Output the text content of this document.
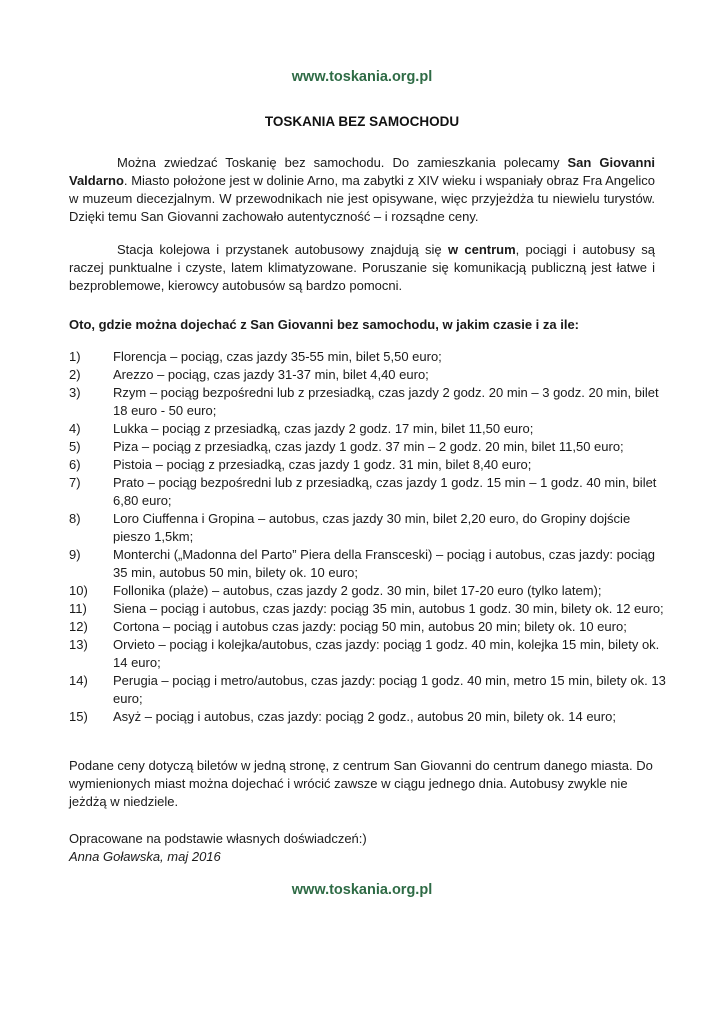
www.toskania.org.pl
TOSKANIA BEZ SAMOCHODU
Można zwiedzać Toskanię bez samochodu. Do zamieszkania polecamy San Giovanni Valdarno. Miasto położone jest w dolinie Arno, ma zabytki z XIV wieku i wspaniały obraz Fra Angelico w muzeum diecezjalnym. W przewodnikach nie jest opisywane, więc przyjeżdża tu niewielu turystów. Dzięki temu San Giovanni zachowało autentyczność – i rozsądne ceny.
Stacja kolejowa i przystanek autobusowy znajdują się w centrum, pociągi i autobusy są raczej punktualne i czyste, latem klimatyzowane. Poruszanie się komunikacją publiczną jest łatwe i bezproblemowe, kierowcy autobusów są bardzo pomocni.
Oto, gdzie można dojechać z San Giovanni bez samochodu, w jakim czasie i za ile:
1)	Florencja – pociąg, czas jazdy 35-55 min, bilet 5,50 euro;
2)	Arezzo – pociąg, czas jazdy 31-37 min, bilet 4,40 euro;
3)	Rzym – pociąg bezpośredni lub z przesiadką, czas jazdy 2 godz. 20 min – 3 godz. 20 min, bilet 18 euro - 50 euro;
4)	Lukka – pociąg z przesiadką, czas jazdy 2 godz. 17 min, bilet 11,50 euro;
5)	Piza – pociąg z przesiadką, czas jazdy 1 godz. 37 min – 2 godz. 20 min, bilet 11,50 euro;
6)	Pistoia – pociąg z przesiadką, czas jazdy 1 godz. 31 min, bilet 8,40 euro;
7)	Prato – pociąg bezpośredni lub z przesiadką, czas jazdy 1 godz. 15 min – 1 godz. 40 min, bilet 6,80 euro;
8)	Loro Ciuffenna i Gropina – autobus, czas jazdy 30 min, bilet 2,20 euro, do Gropiny dojście pieszo 1,5km;
9)	Monterchi („Madonna del Parto” Piera della Fransceski) – pociąg i autobus, czas jazdy: pociąg 35 min, autobus 50 min, bilety ok. 10 euro;
10)	Follonika (plaże) – autobus, czas jazdy 2 godz. 30 min, bilet 17-20 euro (tylko latem);
11)	Siena – pociąg i autobus, czas jazdy: pociąg 35 min, autobus 1 godz. 30 min, bilety ok. 12 euro;
12)	Cortona – pociąg i autobus czas jazdy: pociąg 50 min, autobus 20 min; bilety ok. 10 euro;
13)	Orvieto – pociąg i kolejka/autobus, czas jazdy: pociąg 1 godz. 40 min, kolejka 15 min, bilety ok. 14 euro;
14)	Perugia – pociąg i metro/autobus, czas jazdy: pociąg 1 godz. 40 min, metro 15 min, bilety ok. 13 euro;
15)	Asyż – pociąg i autobus, czas jazdy: pociąg 2 godz., autobus 20 min, bilety ok. 14 euro;
Podane ceny dotyczą biletów w jedną stronę, z centrum San Giovanni do centrum danego miasta. Do wymienionych miast można dojechać i wrócić zawsze w ciągu jednego dnia. Autobusy zwykle nie jeżdżą w niedziele.
Opracowane na podstawie własnych doświadczeń:)
Anna Goławska, maj 2016
www.toskania.org.pl
